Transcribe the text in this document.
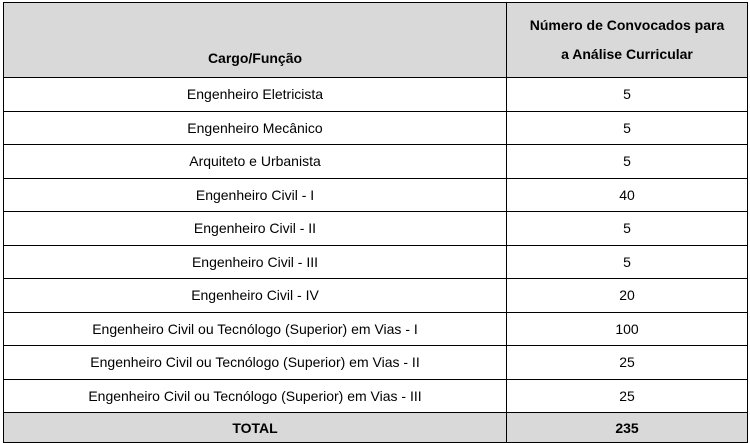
Cargo/Função	Número de Convocados para
a Análise Curricular

Engenheiro Eletricista	5
Engenheiro Mecânico	5
Arquiteto e Urbanista	5
Engenheiro Civil - I	40
Engenheiro Civil - II	5
Engenheiro Civil - III	5
Engenheiro Civil - IV	20
Engenheiro Civil ou Tecnólogo (Superior) em Vias - I	100
Engenheiro Civil ou Tecnólogo (Superior) em Vias - II	25
Engenheiro Civil ou Tecnólogo (Superior) em Vias - III	25
TOTAL	235
